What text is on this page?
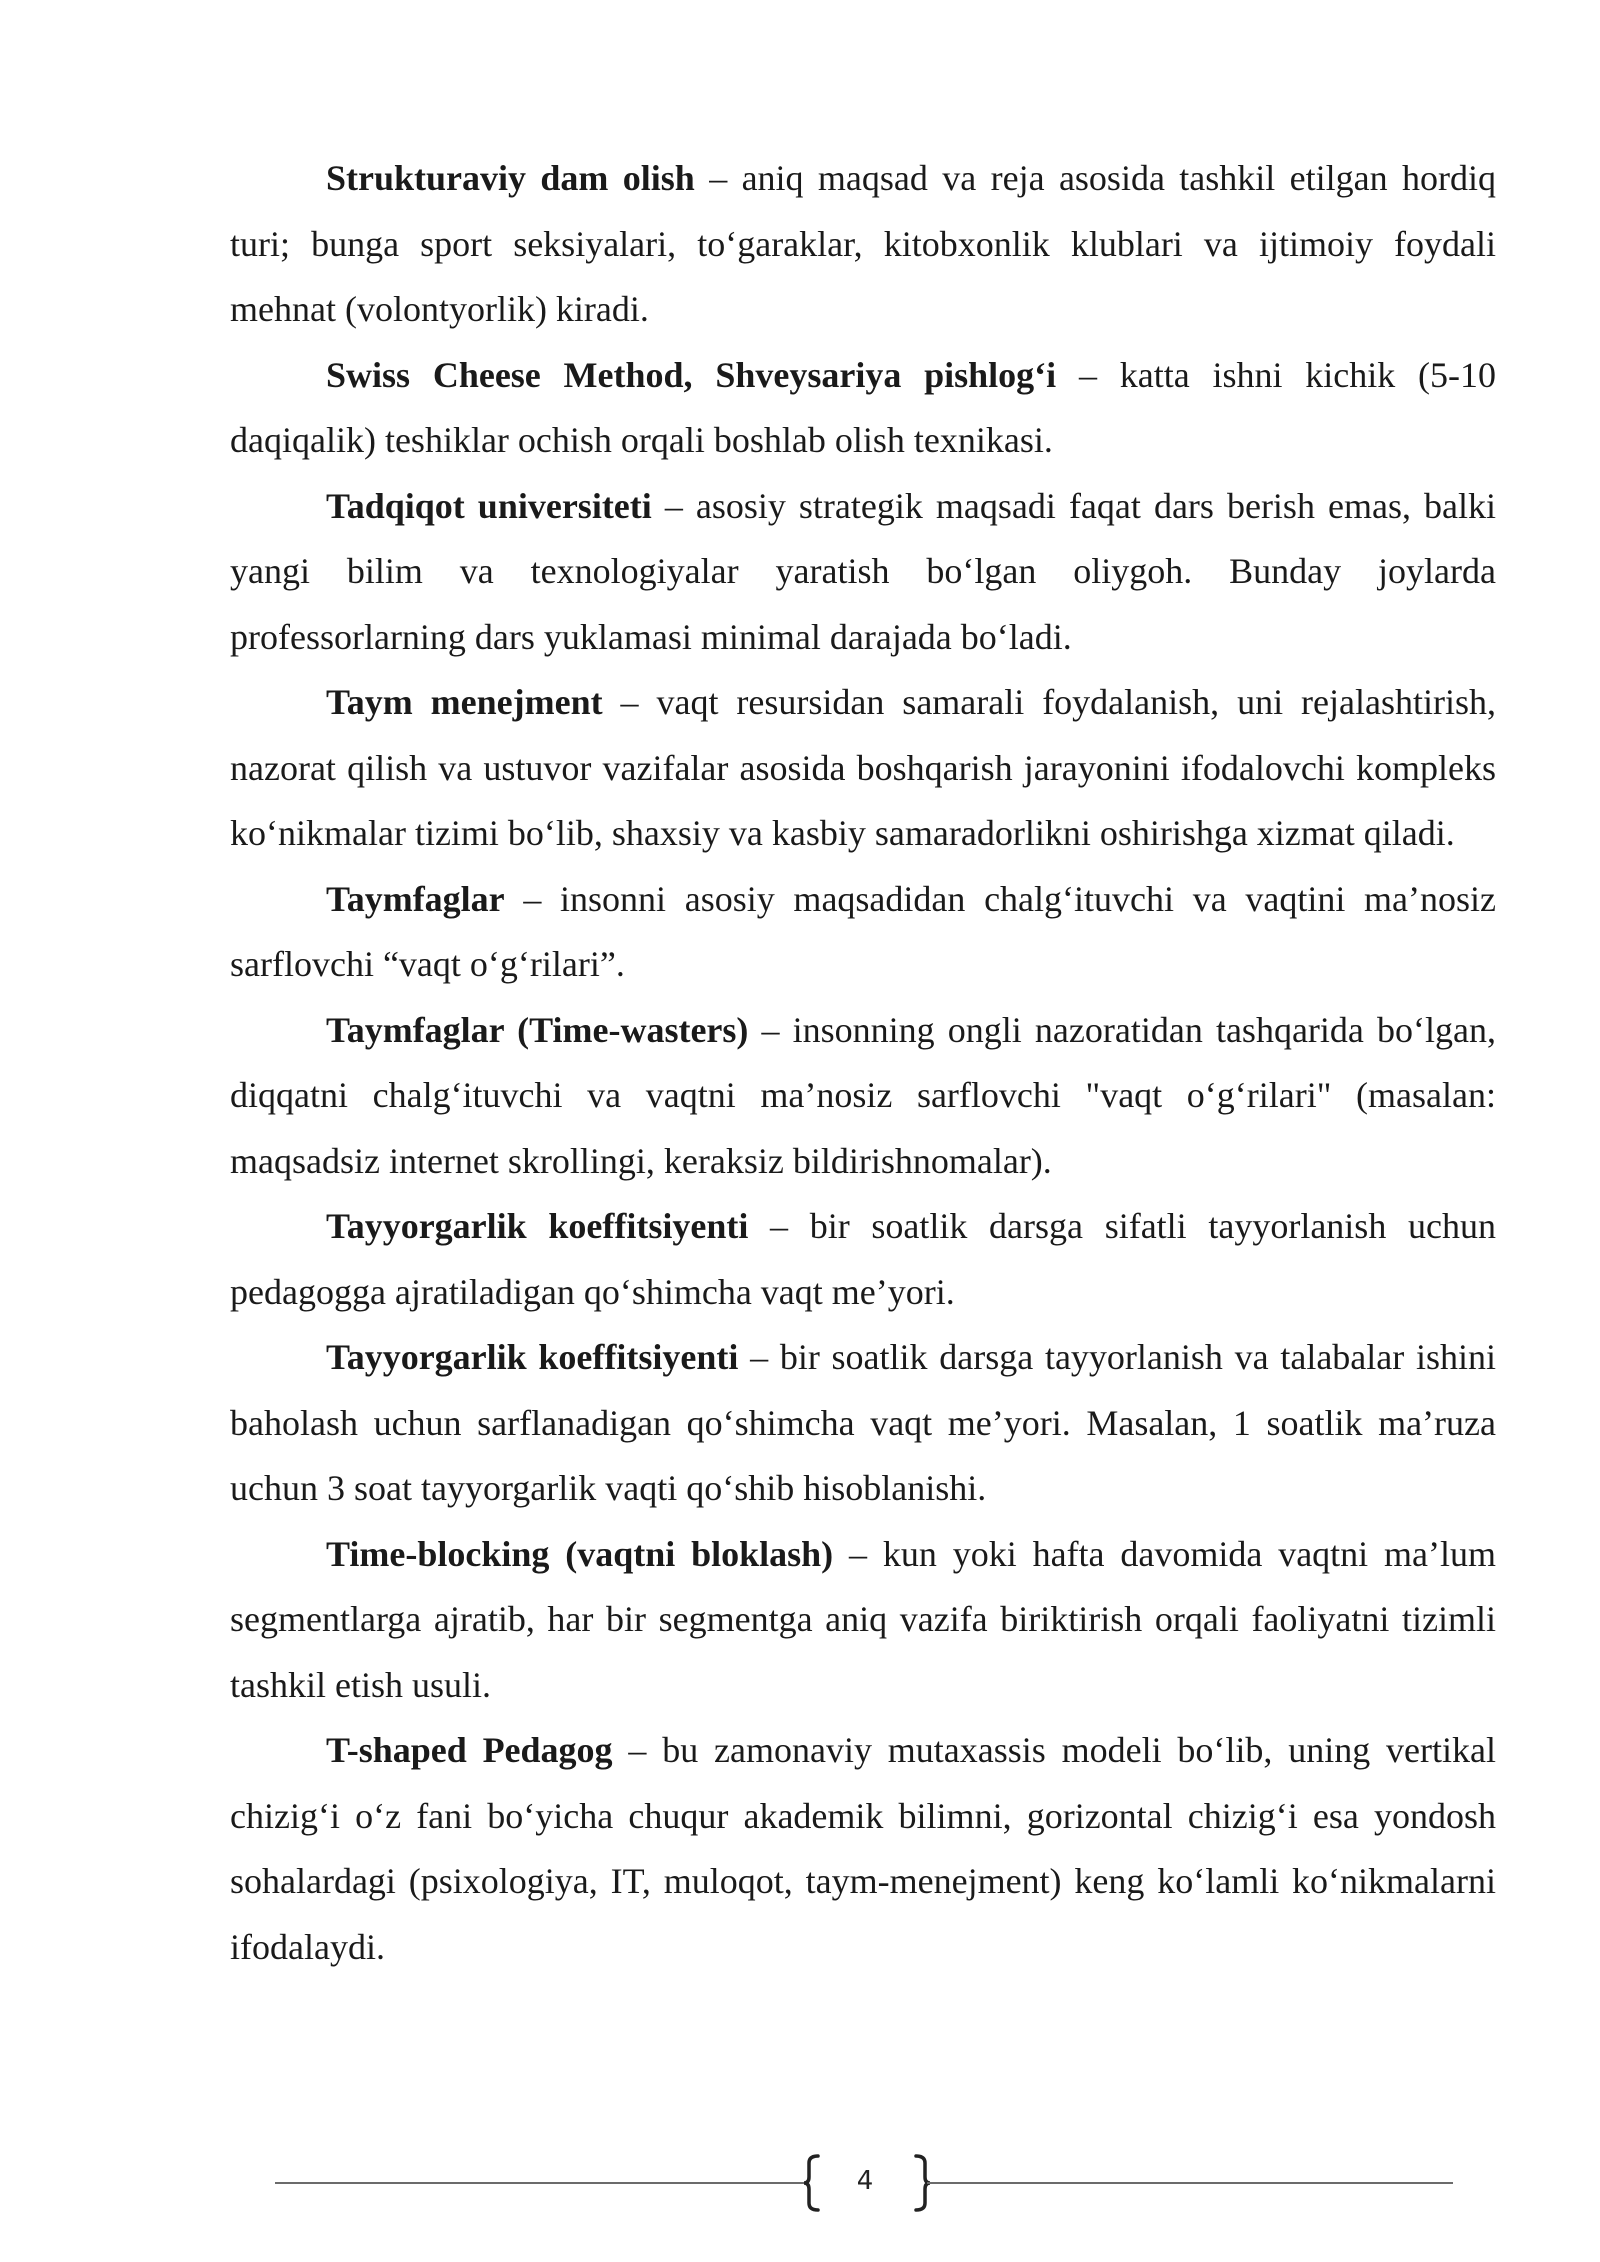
Strukturaviy dam olish – aniq maqsad va reja asosida tashkil etilgan hordiq turi; bunga sport seksiyalari, to‘garaklar, kitobxonlik klublari va ijtimoiy foydali mehnat (volontyorlik) kiradi.

Swiss Cheese Method, Shveysariya pishlog‘i – katta ishni kichik (5-10 daqiqalik) teshiklar ochish orqali boshlab olish texnikasi.

Tadqiqot universiteti – asosiy strategik maqsadi faqat dars berish emas, balki yangi bilim va texnologiyalar yaratish bo‘lgan oliygoh. Bunday joylarda professorlarning dars yuklamasi minimal darajada bo‘ladi.

Taym menejment – vaqt resursidan samarali foydalanish, uni rejalashtirish, nazorat qilish va ustuvor vazifalar asosida boshqarish jarayonini ifodalovchi kompleks ko‘nikmalar tizimi bo‘lib, shaxsiy va kasbiy samaradorlikni oshirishga xizmat qiladi.

Taymfaglar – insonni asosiy maqsadidan chalg‘ituvchi va vaqtini ma’nosiz sarflovchi “vaqt o‘g‘rilari”.

Taymfaglar (Time-wasters) – insonning ongli nazoratidan tashqarida bo‘lgan, diqqatni chalg‘ituvchi va vaqtni ma’nosiz sarflovchi "vaqt o‘g‘rilari" (masalan: maqsadsiz internet skrollingi, keraksiz bildirishnomalar).

Tayyorgarlik koeffitsiyenti – bir soatlik darsga sifatli tayyorlanish uchun pedagogga ajratiladigan qo‘shimcha vaqt me’yori.

Tayyorgarlik koeffitsiyenti – bir soatlik darsga tayyorlanish va talabalar ishini baholash uchun sarflanadigan qo‘shimcha vaqt me’yori. Masalan, 1 soatlik ma’ruza uchun 3 soat tayyorgarlik vaqti qo‘shib hisoblanishi.

Time-blocking (vaqtni bloklash) – kun yoki hafta davomida vaqtni ma’lum segmentlarga ajratib, har bir segmentga aniq vazifa biriktirish orqali faoliyatni tizimli tashkil etish usuli.

T-shaped Pedagog – bu zamonaviy mutaxassis modeli bo‘lib, uning vertikal chizig‘i o‘z fani bo‘yicha chuqur akademik bilimni, gorizontal chizig‘i esa yondosh sohalardagi (psixologiya, IT, muloqot, taym-menejment) keng ko‘lamli ko‘nikmalarni ifodalaydi.

4
